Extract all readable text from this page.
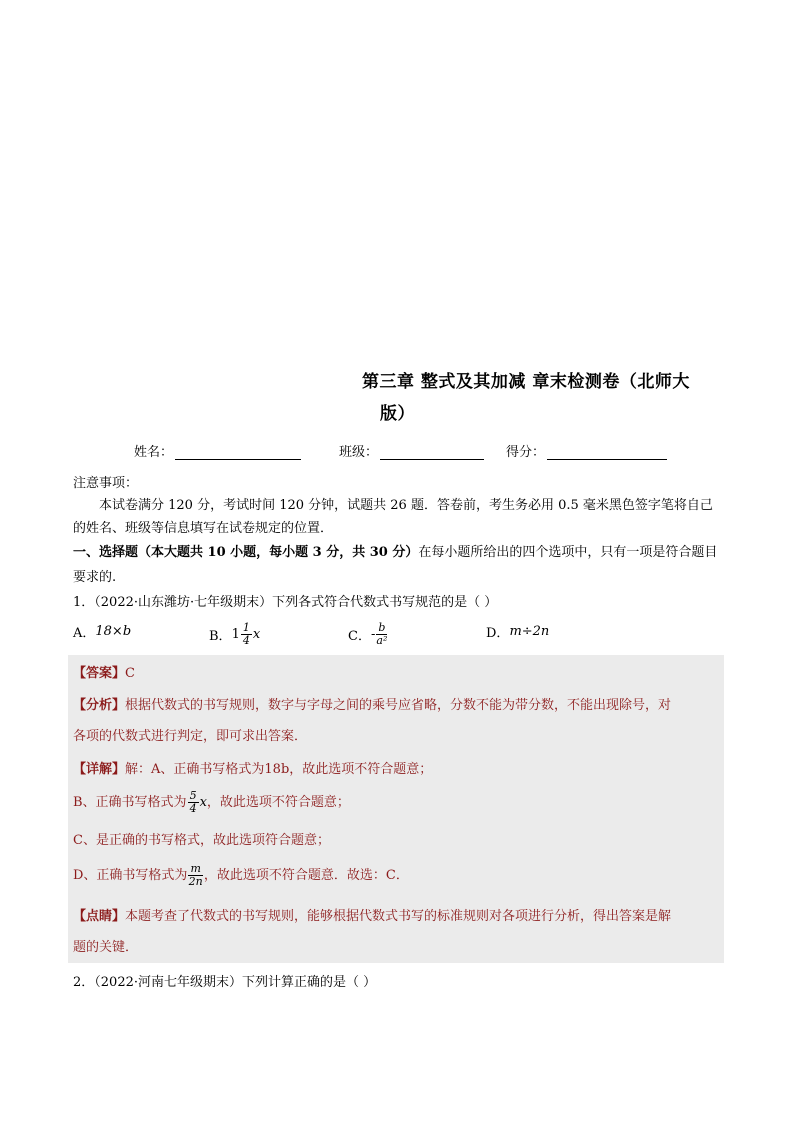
第三章 整式及其加减 章末检测卷（北师大
版）
姓名：	班级：	得分：
注意事项：
本试卷满分 120 分，考试时间 120 分钟，试题共 26 题．答卷前，考生务必用 0.5 毫米黑色签字笔将自己的姓名、班级等信息填写在试卷规定的位置．
一、选择题（本大题共 10 小题，每小题 3 分，共 30 分）在每小题所给出的四个选项中，只有一项是符合题目要求的.
1．（2022·山东潍坊·七年级期末）下列各式符合代数式书写规范的是（ ）
A． 18×b	B． $1 \frac{1}{4}$ x	C． - $\frac{b}{\text{a²}}$	D． m÷2n
【答案】C
【分析】根据代数式的书写规则，数字与字母之间的乘号应省略，分数不能为带分数，不能出现除号，对
各项的代数式进行判定，即可求出答案．
【详解】解：A、正确书写格式为18b，故此选项不符合题意；
B、正确书写格式为 $\frac{5}{4}$ x ，故此选项不符合题意；
C、是正确的书写格式，故此选项符合题意；
D、正确书写格式为 $\frac{m}{2n}$ ，故此选项不符合题意．故选：C．
【点睛】本题考查了代数式的书写规则，能够根据代数式书写的标准规则对各项进行分析，得出答案是解
题的关键．
2．（2022·河南七年级期末）下列计算正确的是（ ）
